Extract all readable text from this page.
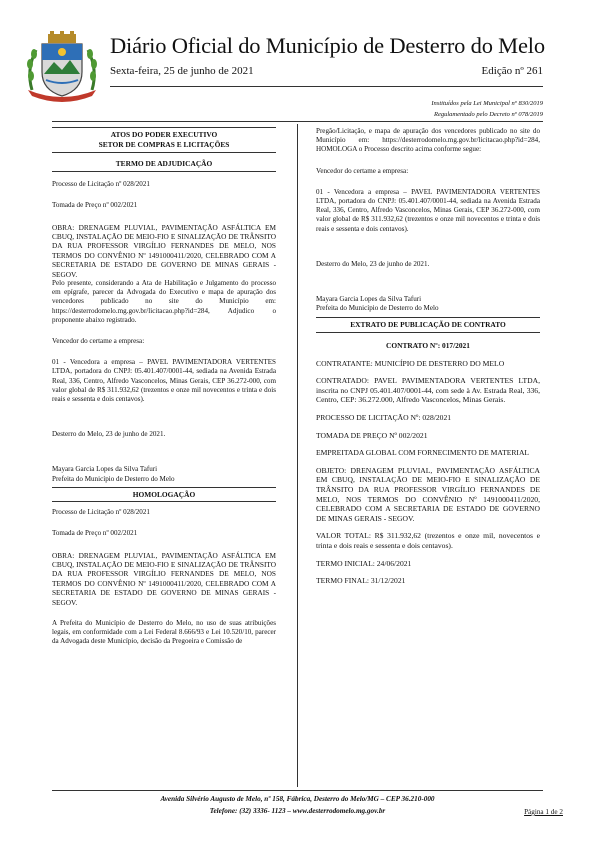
Diário Oficial do Município de Desterro do Melo
Sexta-feira, 25 de junho de 2021	Edição nº 261
Instituídos pela Lei Municipal nº 830/2019
Regulamentado pelo Decreto nº 078/2019
ATOS DO PODER EXECUTIVO
SETOR DE COMPRAS E LICITAÇÕES

TERMO DE ADJUDICAÇÃO

Processo de Licitação nº 028/2021

Tomada de Preço nº 002/2021

OBRA: DRENAGEM PLUVIAL, PAVIMENTAÇÃO ASFÁLTICA EM CBUQ, INSTALAÇÃO DE MEIO-FIO E SINALIZAÇÃO DE TRÂNSITO DA RUA PROFESSOR VIRGÍLIO FERNANDES DE MELO, NOS TERMOS DO CONVÊNIO Nº 1491000411/2020, CELEBRADO COM A SECRETARIA DE ESTADO DE GOVERNO DE MINAS GERAIS - SEGOV.

Pelo presente, considerando a Ata de Habilitação e Julgamento do processo em epígrafe, parecer da Advogada do Executivo e mapa de apuração dos vencedores publicado no site do Município em: https://desterrodomelo.mg.gov.br/licitacao.php?id=284, Adjudico o proponente abaixo registrado.

Vencedor do certame a empresa:

01 - Vencedora a empresa – PAVEL PAVIMENTADORA VERTENTES LTDA, portadora do CNPJ: 05.401.407/0001-44, sediada na Avenida Estrada Real, 336, Centro, Alfredo Vasconcelos, Minas Gerais, CEP 36.272-000, com valor global de R$ 311.932,62 (trezentos e onze mil novecentos e trinta e dois reais e sessenta e dois centavos).

Desterro do Melo, 23 de junho de 2021.

Mayara Garcia Lopes da Silva Tafuri

Prefeita do Município de Desterro do Melo

HOMOLOGAÇÃO

Processo de Licitação nº 028/2021

Tomada de Preço nº 002/2021

OBRA: DRENAGEM PLUVIAL, PAVIMENTAÇÃO ASFÁLTICA EM CBUQ, INSTALAÇÃO DE MEIO-FIO E SINALIZAÇÃO DE TRÂNSITO DA RUA PROFESSOR VIRGÍLIO FERNANDES DE MELO, NOS TERMOS DO CONVÊNIO Nº 1491000411/2020, CELEBRADO COM A SECRETARIA DE ESTADO DE GOVERNO DE MINAS GERAIS - SEGOV.

A Prefeita do Município de Desterro do Melo, no uso de suas atribuições legais, em conformidade com a Lei Federal 8.666/93 e Lei 10.520/10, parecer da Advogada deste Município, decisão da Pregoeira e Comissão de

Pregão/Licitação, e mapa de apuração dos vencedores publicado no site do Município em: https://desterrodomelo.mg.gov.br/licitacao.php?id=284, HOMOLOGA o Processo descrito acima conforme segue:

Vencedor do certame a empresa:

01 - Vencedora a empresa – PAVEL PAVIMENTADORA VERTENTES LTDA, portadora do CNPJ: 05.401.407/0001-44, sediada na Avenida Estrada Real, 336, Centro, Alfredo Vasconcelos, Minas Gerais, CEP 36.272-000, com valor global de R$ 311.932,62 (trezentos e onze mil novecentos e trinta e dois reais e sessenta e dois centavos).

Desterro do Melo, 23 de junho de 2021.

Mayara Garcia Lopes da Silva Tafuri

Prefeita do Município de Desterro do Melo

EXTRATO DE PUBLICAÇÃO DE CONTRATO

CONTRATO Nº: 017/2021

CONTRATANTE: MUNICÍPIO DE DESTERRO DO MELO

CONTRATADO: PAVEL PAVIMENTADORA VERTENTES LTDA, inscrita no CNPJ 05.401.407/0001-44, com sede à Av. Estrada Real, 336, Centro, CEP: 36.272.000, Alfredo Vasconcelos, Minas Gerais.

PROCESSO DE LICITAÇÃO Nº: 028/2021

TOMADA DE PREÇO Nº 002/2021

EMPREITADA GLOBAL COM FORNECIMENTO DE MATERIAL

OBJETO: DRENAGEM PLUVIAL, PAVIMENTAÇÃO ASFÁLTICA EM CBUQ, INSTALAÇÃO DE MEIO-FIO E SINALIZAÇÃO DE TRÂNSITO DA RUA PROFESSOR VIRGÍLIO FERNANDES DE MELO, NOS TERMOS DO CONVÊNIO Nº 1491000411/2020, CELEBRADO COM A SECRETARIA DE ESTADO DE GOVERNO DE MINAS GERAIS - SEGOV.

VALOR TOTAL: R$ 311.932,62 (trezentos e onze mil, novecentos e trinta e dois reais e sessenta e dois centavos).

TERMO INICIAL: 24/06/2021

TERMO FINAL: 31/12/2021

Avenida Silvério Augusto de Melo, nº 158, Fábrica, Desterro do Melo/MG – CEP 36.210-000
Telefone: (32) 3336- 1123 – www.desterrodomelo.mg.gov.br	Página 1 de 2
